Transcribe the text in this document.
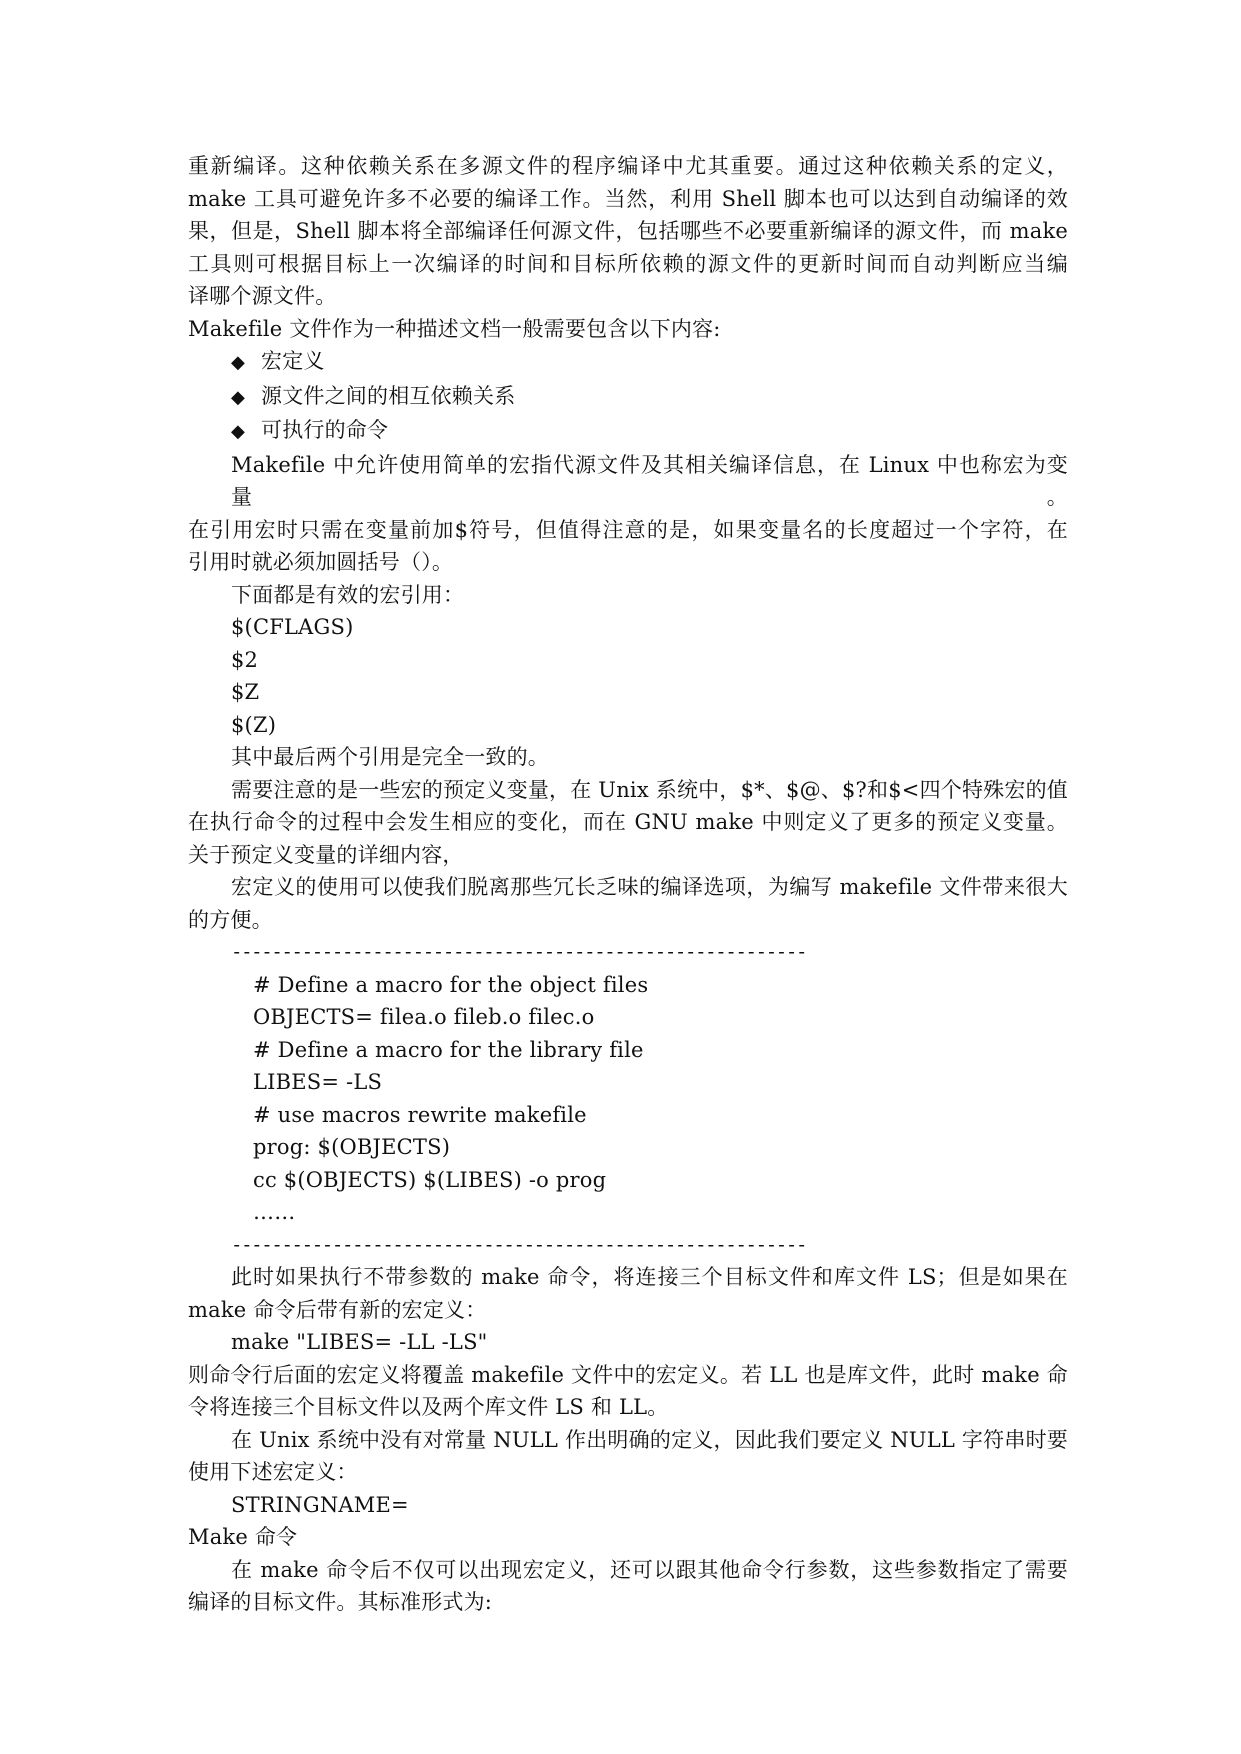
重新编译。这种依赖关系在多源文件的程序编译中尤其重要。通过这种依赖关系的定义，
make 工具可避免许多不必要的编译工作。当然，利用 Shell 脚本也可以达到自动编译的效
果，但是，Shell 脚本将全部编译任何源文件，包括哪些不必要重新编译的源文件，而 make
工具则可根据目标上一次编译的时间和目标所依赖的源文件的更新时间而自动判断应当编
译哪个源文件。
Makefile 文件作为一种描述文档一般需要包含以下内容:
◆ 宏定义
◆ 源文件之间的相互依赖关系
◆ 可执行的命令
Makefile 中允许使用简单的宏指代源文件及其相关编译信息，在 Linux 中也称宏为变量。
在引用宏时只需在变量前加$符号，但值得注意的是，如果变量名的长度超过一个字符，在
引用时就必须加圆括号（）。
下面都是有效的宏引用：
$(CFLAGS)
$2
$Z
$(Z)
其中最后两个引用是完全一致的。
需要注意的是一些宏的预定义变量，在 Unix 系统中，$*、$@、$?和$<四个特殊宏的值
在执行命令的过程中会发生相应的变化，而在 GNU make 中则定义了更多的预定义变量。
关于预定义变量的详细内容，
宏定义的使用可以使我们脱离那些冗长乏味的编译选项，为编写 makefile 文件带来很大
的方便。
---------------------------------------------------------
# Define a macro for the object files
OBJECTS= filea.o fileb.o filec.o
# Define a macro for the library file
LIBES= -LS
# use macros rewrite makefile
prog: $(OBJECTS)
cc $(OBJECTS) $(LIBES) -o prog
……
---------------------------------------------------------
此时如果执行不带参数的 make 命令，将连接三个目标文件和库文件 LS；但是如果在
make 命令后带有新的宏定义：
make "LIBES= -LL -LS"
则命令行后面的宏定义将覆盖 makefile 文件中的宏定义。若 LL 也是库文件，此时 make 命
令将连接三个目标文件以及两个库文件 LS 和 LL。
在 Unix 系统中没有对常量 NULL 作出明确的定义，因此我们要定义 NULL 字符串时要
使用下述宏定义：
STRINGNAME=
Make 命令
在 make 命令后不仅可以出现宏定义，还可以跟其他命令行参数，这些参数指定了需要
编译的目标文件。其标准形式为:
